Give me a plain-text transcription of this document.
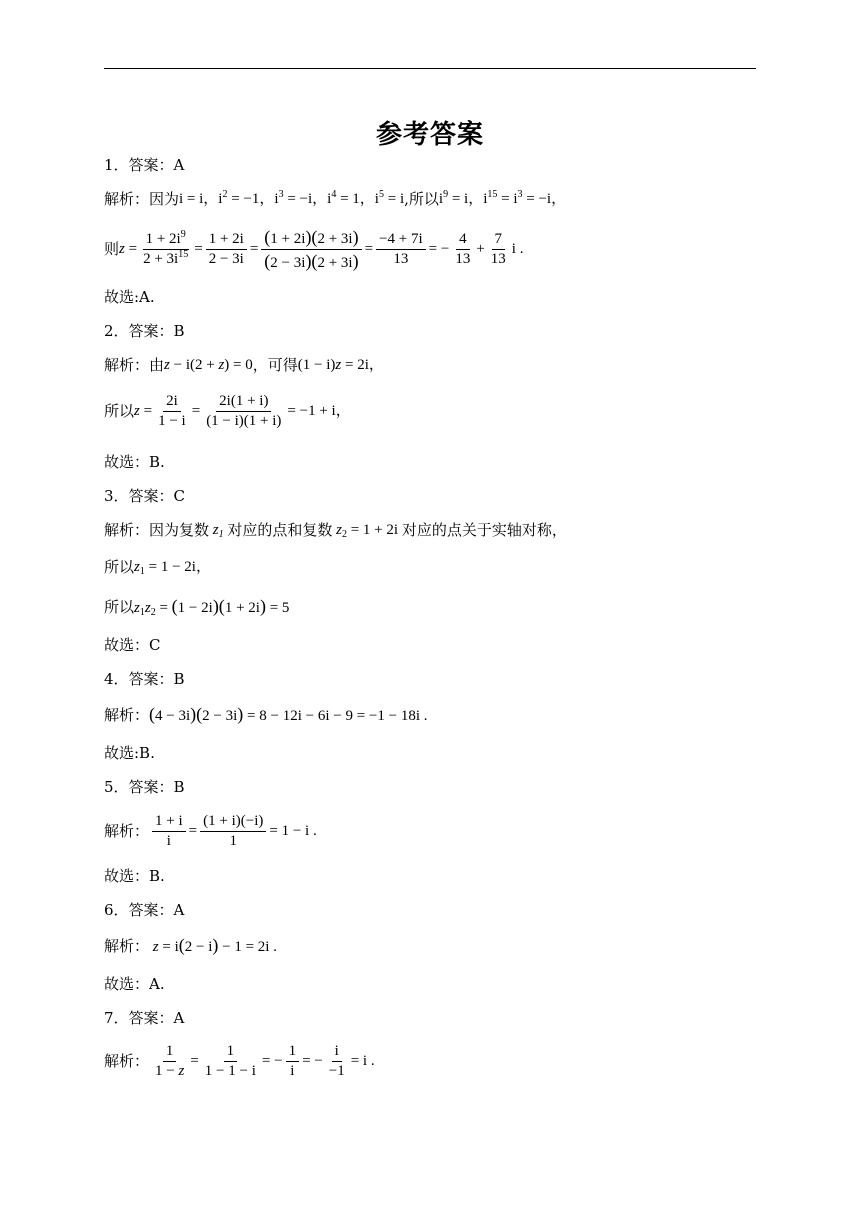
参考答案
1．答案：A
解析：因为 i = i，$i^2 = -1$，$i^3 = -i$，$i^4 = 1$，$i^5 = i$ ,所以 $i^9 = i$，$i^{15} = i^3 = -i$，
则 $z = \frac{1 + 2i^9}{2 + 3i^{15}} = \frac{1 + 2i}{2 - 3i} = \frac{(1 + 2i)(2 + 3i)}{(2 - 3i)(2 + 3i)} = \frac{-4 + 7i}{13}$ = − $\frac{4}{13} + \frac{7}{13}$ i .
故选:A.
2．答案：B
解析：由 z − i(2 + z) = 0 ，可得 (1 − i)z = 2i，
所以 $z = \frac{2i}{1 - i} = \frac{2i(1 + i)}{(1 - i)(1 + i)} = -1 + i$，
故选：B.
3．答案：C
解析：因为复数 $z_1$ 对应的点和复数 $z_2 = 1 + 2i$ 对应的点关于实轴对称，
所以 $z_1 = 1 - 2i$，
所以 $z_1z_2 = (1 - 2i)(1 + 2i) = 5$
故选：C
4．答案：B
解析： (4 − 3i)(2 − 3i) = 8 − 12i − 6i − 9 = −1 − 18i .
故选:B.
5．答案：B
解析： $\frac{1 + i}{i} = \frac{(1 + i)(-i)}{1} = 1 - i$ .
故选：B.
6．答案：A
解析： z = i(2 − i) − 1 = 2i .
故选：A.
7．答案：A
解析： $\frac{1}{1 - z} = \frac{1}{1 - 1 - i}$ = − $\frac{1}{i}$ = − $\frac{i}{-1} = i$ .
